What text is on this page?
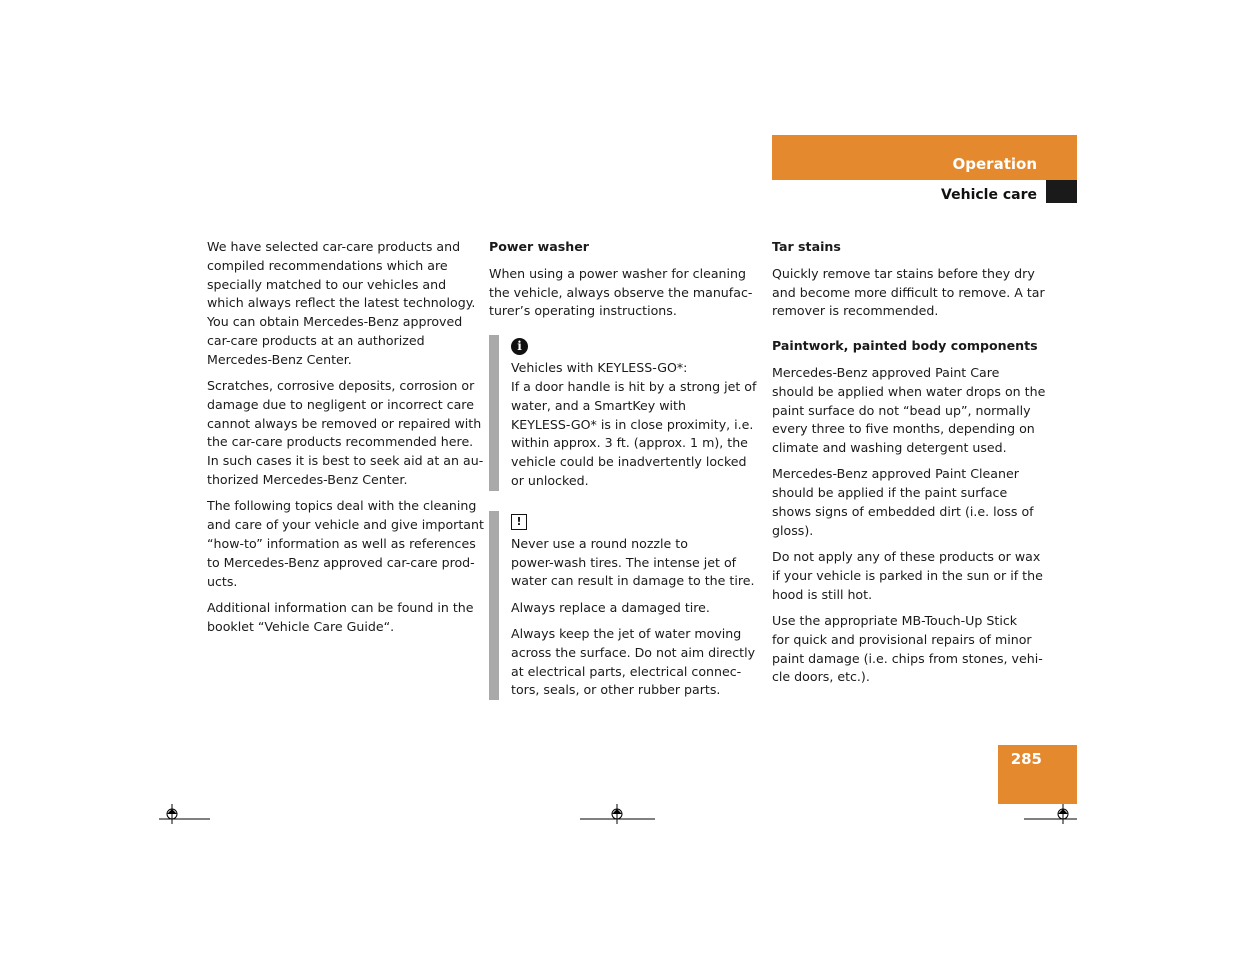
Operation
Vehicle care

We have selected car-care products and
compiled recommendations which are
specially matched to our vehicles and
which always reflect the latest technology.
You can obtain Mercedes-Benz approved
car-care products at an authorized
Mercedes-Benz Center.

Scratches, corrosive deposits, corrosion or
damage due to negligent or incorrect care
cannot always be removed or repaired with
the car-care products recommended here.
In such cases it is best to seek aid at an au-
thorized Mercedes-Benz Center.

The following topics deal with the cleaning
and care of your vehicle and give important
“how-to” information as well as references
to Mercedes-Benz approved car-care prod-
ucts.

Additional information can be found in the
booklet “Vehicle Care Guide“.

Power washer

When using a power washer for cleaning
the vehicle, always observe the manufac-
turer’s operating instructions.

i

Vehicles with KEYLESS-GO*:
If a door handle is hit by a strong jet of
water, and a SmartKey with
KEYLESS-GO* is in close proximity, i.e.
within approx. 3 ft. (approx. 1 m), the
vehicle could be inadvertently locked
or unlocked.

!

Never use a round nozzle to
power-wash tires. The intense jet of
water can result in damage to the tire.

Always replace a damaged tire.

Always keep the jet of water moving
across the surface. Do not aim directly
at electrical parts, electrical connec-
tors, seals, or other rubber parts.

Tar stains

Quickly remove tar stains before they dry
and become more difficult to remove. A tar
remover is recommended.

Paintwork, painted body components

Mercedes-Benz approved Paint Care
should be applied when water drops on the
paint surface do not “bead up”, normally
every three to five months, depending on
climate and washing detergent used.

Mercedes-Benz approved Paint Cleaner
should be applied if the paint surface
shows signs of embedded dirt (i.e. loss of
gloss).

Do not apply any of these products or wax
if your vehicle is parked in the sun or if the
hood is still hot.

Use the appropriate MB-Touch-Up Stick
for quick and provisional repairs of minor
paint damage (i.e. chips from stones, vehi-
cle doors, etc.).

285
